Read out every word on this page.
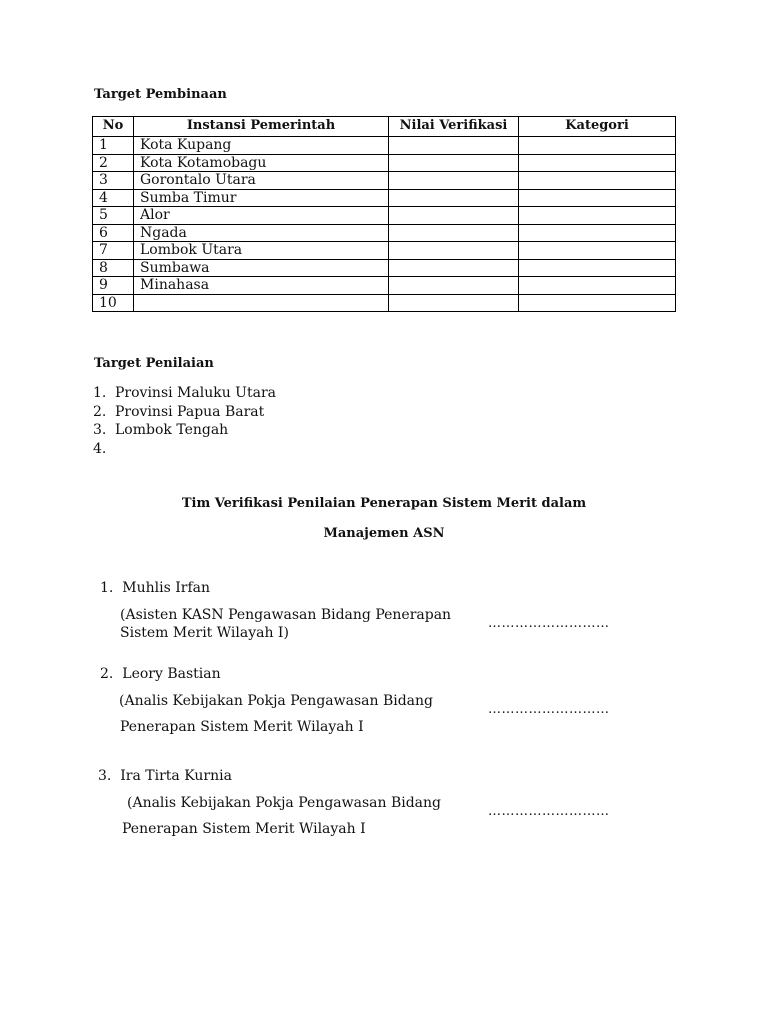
Target Pembinaan

No	Instansi Pemerintah	Nilai Verifikasi	Kategori
1	Kota Kupang		
2	Kota Kotamobagu		
3	Gorontalo Utara		
4	Sumba Timur		
5	Alor		
6	Ngada		
7	Lombok Utara		
8	Sumbawa		
9	Minahasa		
10			

Target Penilaian

1. Provinsi Maluku Utara
2. Provinsi Papua Barat
3. Lombok Tengah
4.

Tim Verifikasi Penilaian Penerapan Sistem Merit dalam

Manajemen ASN

1. Muhlis Irfan

(Asisten KASN Pengawasan Bidang Penerapan

Sistem Merit Wilayah I)

………………………

2. Leory Bastian

(Analis Kebijakan Pokja Pengawasan Bidang

Penerapan Sistem Merit Wilayah I

………………………

3. Ira Tirta Kurnia

(Analis Kebijakan Pokja Pengawasan Bidang

Penerapan Sistem Merit Wilayah I

………………………
